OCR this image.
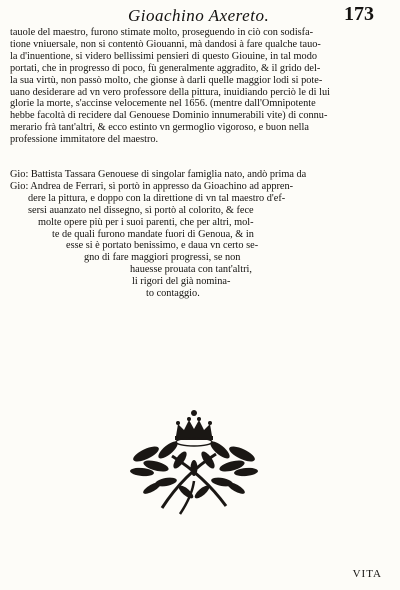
Gioachino Axereto.	173

tauole del maestro, furono stimate molto, proseguendo in ciò con sodisfa-
tione vniuersale, non si contentò Giouanni, mà dandosi à fare qualche tauo-
la d'inuentione, si videro bellissimi pensieri di questo Giouine, in tal modo
portati, che in progresso di poco, fù generalmente aggradito, & il grido del-
la sua virtù, non passò molto, che gionse à darli quelle maggior lodi si pote-
uano desiderare ad vn vero professore della pittura, inuidiando perciò le di lui
glorie la morte, s'accinse velocemente nel 1656. (mentre dall'Omnipotente
hebbe facoltà di recidere dal Genouese Dominio innumerabili vite) di connu-
merario frà tant'altri, & ecco estinto vn germoglio vigoroso, e buon nella
professione immitatore del maestro.

Gio: Battista Tassara Genouese di singolar famiglia nato, andò prima da
Gio: Andrea de Ferrari, sì portò in appresso da Gioachino ad appren-
dere la pittura, e doppo con la direttione di vn tal maestro d'ef-
sersi auanzato nel dissegno, sì portò al colorito, & fece
molte opere più per i suoi parenti, che per altri, mol-
te de quali furono mandate fuori di Genoua, & in
esse si è portato benissimo, e daua vn certo se-
gno di fare maggiori progressi, se non
hauesse prouata con tant'altri,
li rigori del già nomina-
to contaggio.

VITA
